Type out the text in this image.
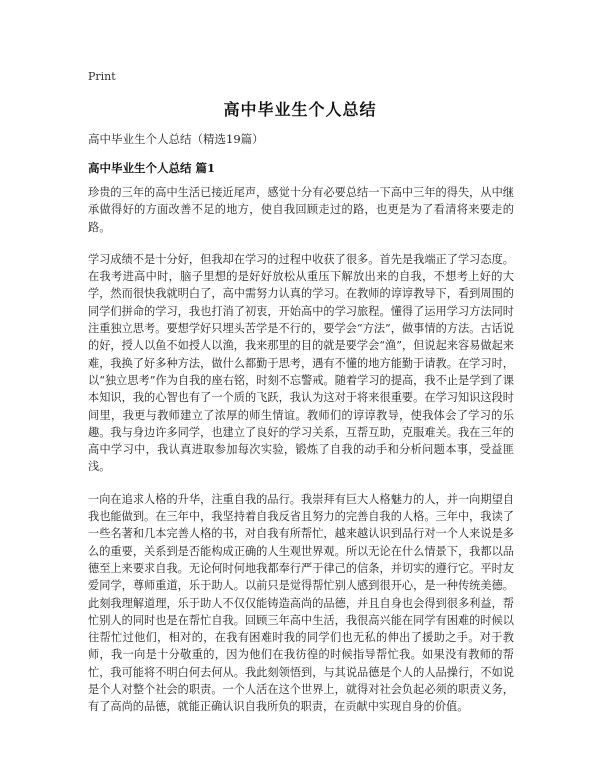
Print
高中毕业生个人总结
高中毕业生个人总结（精选19篇）
高中毕业生个人总结 篇1

珍贵的三年的高中生活已接近尾声，感觉十分有必要总结一下高中三年的得失，从中继承做得好的方面改善不足的地方，使自我回顾走过的路，也更是为了看清将来要走的路。

学习成绩不是十分好，但我却在学习的过程中收获了很多。首先是我端正了学习态度。在我考进高中时，脑子里想的是好好放松从重压下解放出来的自我，不想考上好的大学，然而很快我就明白了，高中需努力认真的学习。在教师的谆谆教导下，看到周围的同学们拼命的学习，我也打消了初衷，开始高中的学习旅程。懂得了运用学习方法同时注重独立思考。要想学好只埋头苦学是不行的，要学会“方法”，做事情的方法。古话说的好，授人以鱼不如授人以渔，我来那里的目的就是要学会“渔”，但说起来容易做起来难，我换了好多种方法，做什么都勤于思考，遇有不懂的地方能勤于请教。在学习时，以“独立思考”作为自我的座右铭，时刻不忘警戒。随着学习的提高，我不止是学到了课本知识，我的心智也有了一个质的飞跃，我认为这对于将来很重要。在学习知识这段时间里，我更与教师建立了浓厚的师生情谊。教师们的谆谆教导，使我体会了学习的乐趣。我与身边许多同学，也建立了良好的学习关系，互帮互助，克服难关。我在三年的高中学习中，我认真进取参加每次实验，锻炼了自我的动手和分析问题本事，受益匪浅。

一向在追求人格的升华，注重自我的品行。我崇拜有巨大人格魅力的人，并一向期望自我也能做到。在三年中，我坚持着自我反省且努力的完善自我的人格。三年中，我读了一些名著和几本完善人格的书，对自我有所帮忙，越来越认识到品行对一个人来说是多么的重要，关系到是否能构成正确的人生观世界观。所以无论在什么情景下，我都以品德至上来要求自我。无论何时何地我都奉行严于律己的信条，并切实的遵行它。平时友爱同学，尊师重道，乐于助人。以前只是觉得帮忙别人感到很开心，是一种传统美德。此刻我理解道理，乐于助人不仅仅能铸造高尚的品德，并且自身也会得到很多利益，帮忙别人的同时也是在帮忙自我。回顾三年高中生活，我很高兴能在同学有困难的时候以往帮忙过他们，相对的，在我有困难时我的同学们也无私的伸出了援助之手。对于教师，我一向是十分敬重的，因为他们在我彷徨的时候指导帮忙我。如果没有教师的帮忙，我可能将不明白何去何从。我此刻领悟到，与其说品德是个人的人品操行，不如说是个人对整个社会的职责。一个人活在这个世界上，就得对社会负起必须的职责义务，有了高尚的品德，就能正确认识自我所负的职责，在贡献中实现自身的价值。
